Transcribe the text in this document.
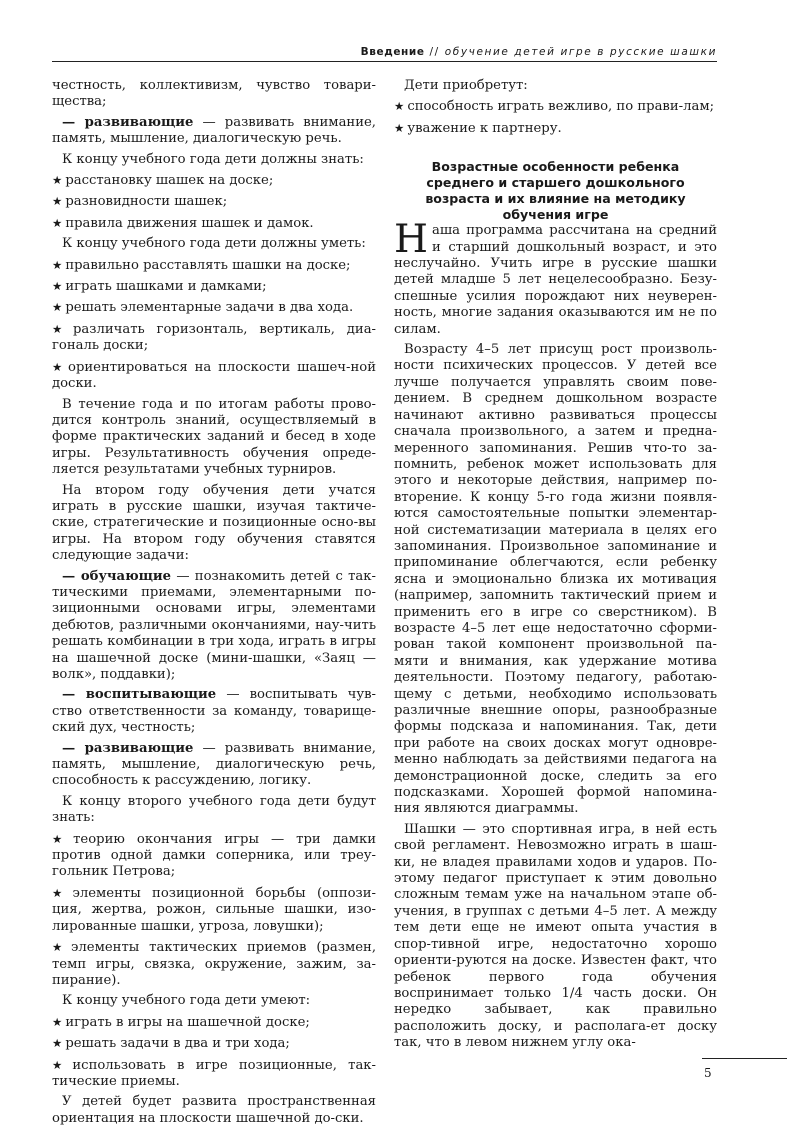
Введение // обучение детей игре в русские шашки

честность, коллективизм, чувство товари-щества;

— развивающие — развивать внимание, память, мышление, диалогическую речь.

К концу учебного года дети должны знать:

★ расстановку шашек на доске;

★ разновидности шашек;

★ правила движения шашек и дамок.

К концу учебного года дети должны уметь:

★ правильно расставлять шашки на доске;

★ играть шашками и дамками;

★ решать элементарные задачи в два хода.

★ различать горизонталь, вертикаль, диа-гональ доски;

★ ориентироваться на плоскости шашеч-ной доски.

В течение года и по итогам работы прово-дится контроль знаний, осуществляемый в форме практических заданий и бесед в ходе игры. Результативность обучения опреде-ляется результатами учебных турниров.

На втором году обучения дети учатся играть в русские шашки, изучая тактиче-ские, стратегические и позиционные осно-вы игры. На втором году обучения ставятся следующие задачи:

— обучающие — познакомить детей с так-тическими приемами, элементарными по-зиционными основами игры, элементами дебютов, различными окончаниями, нау-чить решать комбинации в три хода, играть в игры на шашечной доске (мини-шашки, «Заяц — волк», поддавки);

— воспитывающие — воспитывать чув-ство ответственности за команду, товарище-ский дух, честность;

— развивающие — развивать внимание, память, мышление, диалогическую речь, способность к рассуждению, логику.

К концу второго учебного года дети будут знать:

★ теорию окончания игры — три дамки против одной дамки соперника, или треу-гольник Петрова;

★ элементы позиционной борьбы (оппози-ция, жертва, рожон, сильные шашки, изо-лированные шашки, угроза, ловушки);

★ элементы тактических приемов (размен, темп игры, связка, окружение, зажим, за-пирание).

К концу учебного года дети умеют:

★ играть в игры на шашечной доске;

★ решать задачи в два и три хода;

★ использовать в игре позиционные, так-тические приемы.

У детей будет развита пространственная ориентация на плоскости шашечной до-ски.

Дети приобретут:

★ способность играть вежливо, по прави-лам;

★ уважение к партнеру.

Возрастные особенности ребенка среднего и старшего дошкольного возраста и их влияние на методику обучения игре

Наша программа рассчитана на средний и старший дошкольный возраст, и это неслучайно. Учить игре в русские шашки детей младше 5 лет нецелесообразно. Безу-спешные усилия порождают них неуверен-ность, многие задания оказываются им не по силам.

Возрасту 4–5 лет присущ рост произволь-ности психических процессов. У детей все лучше получается управлять своим пове-дением. В среднем дошкольном возрасте начинают активно развиваться процессы сначала произвольного, а затем и предна-меренного запоминания. Решив что-то за-помнить, ребенок может использовать для этого и некоторые действия, например по-вторение. К концу 5-го года жизни появля-ются самостоятельные попытки элементар-ной систематизации материала в целях его запоминания. Произвольное запоминание и припоминание облегчаются, если ребенку ясна и эмоционально близка их мотивация (например, запомнить тактический прием и применить его в игре со сверстником). В возрасте 4–5 лет еще недостаточно сформи-рован такой компонент произвольной па-мяти и внимания, как удержание мотива деятельности. Поэтому педагогу, работаю-щему с детьми, необходимо использовать различные внешние опоры, разнообразные формы подсказа и напоминания. Так, дети при работе на своих досках могут одновре-менно наблюдать за действиями педагога на демонстрационной доске, следить за его подсказками. Хорошей формой напомина-ния являются диаграммы.

Шашки — это спортивная игра, в ней есть свой регламент. Невозможно играть в шаш-ки, не владея правилами ходов и ударов. По-этому педагог приступает к этим довольно сложным темам уже на начальном этапе об-учения, в группах с детьми 4–5 лет. А между тем дети еще не имеют опыта участия в спор-тивной игре, недостаточно хорошо ориенти-руются на доске. Известен факт, что ребенок первого года обучения воспринимает только 1/4 часть доски. Он нередко забывает, как правильно расположить доску, и располага-ет доску так, что в левом нижнем углу ока-

5
